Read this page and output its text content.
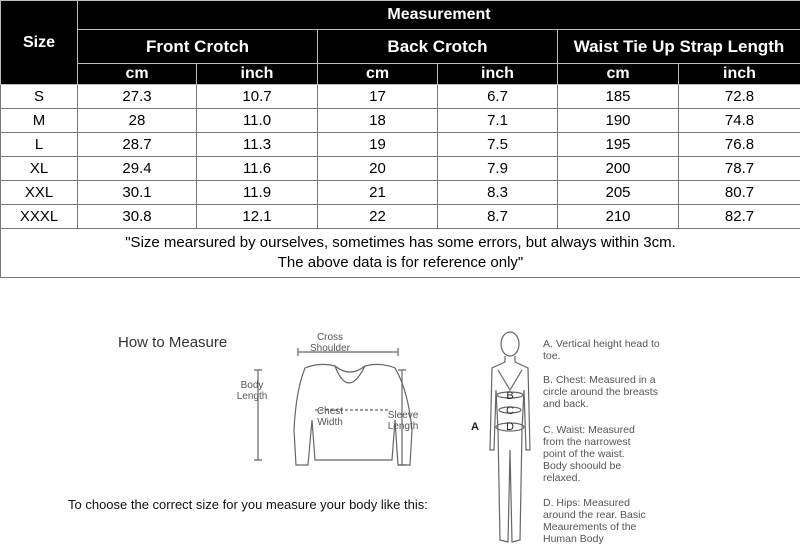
Size	Measurement					
	Front Crotch		Back Crotch		Waist Tie Up Strap Length	
	cm	inch	cm	inch	cm	inch
S	27.3	10.7	17	6.7	185	72.8
M	28	11.0	18	7.1	190	74.8
L	28.7	11.3	19	7.5	195	76.8
XL	29.4	11.6	20	7.9	200	78.7
XXL	30.1	11.9	21	8.3	205	80.7
XXXL	30.8	12.1	22	8.7	210	82.7
"Size mearsured by ourselves, sometimes has some errors, but always within 3cm.
The above data is for reference only"						
How to Measure	Cross Shoulder
Body Length
Chest Width
Sleeve Length
To choose the correct size for you measure your body like this:
B
C
D
A
A. Vertical height head to toe.
B. Chest: Measured in a circle around the breasts and back.
C. Waist: Measured from the narrowest point of the waist. Body shoould be relaxed.
D. Hips: Measured around the rear. Basic Meaurements of the Human Body
